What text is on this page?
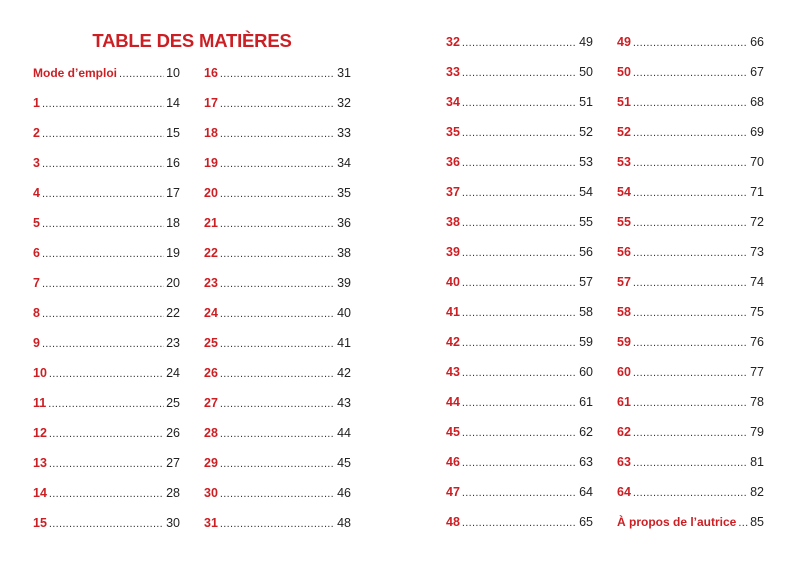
TABLE DES MATIÈRES
Mode d’emploi .....	10
1 .....	14
2 .....	15
3 .....	16
4 .....	17
5 .....	18
6 .....	19
7 .....	20
8 .....	22
9 .....	23
10 .....	24
11 .....	25
12 .....	26
13 .....	27
14 .....	28
15 .....	30
16 .....	31
17 .....	32
18 .....	33
19 .....	34
20 .....	35
21 .....	36
22 .....	38
23 .....	39
24 .....	40
25 .....	41
26 .....	42
27 .....	43
28 .....	44
29 .....	45
30 .....	46
31 .....	48
32 .....	49
33 .....	50
34 .....	51
35 .....	52
36 .....	53
37 .....	54
38 .....	55
39 .....	56
40 .....	57
41 .....	58
42 .....	59
43 .....	60
44 .....	61
45 .....	62
46 .....	63
47 .....	64
48 .....	65
49 .....	66
50 .....	67
51 .....	68
52 .....	69
53 .....	70
54 .....	71
55 .....	72
56 .....	73
57 .....	74
58 .....	75
59 .....	76
60 .....	77
61 .....	78
62 .....	79
63 .....	81
64 .....	82
À propos de l’autrice ..... 85
